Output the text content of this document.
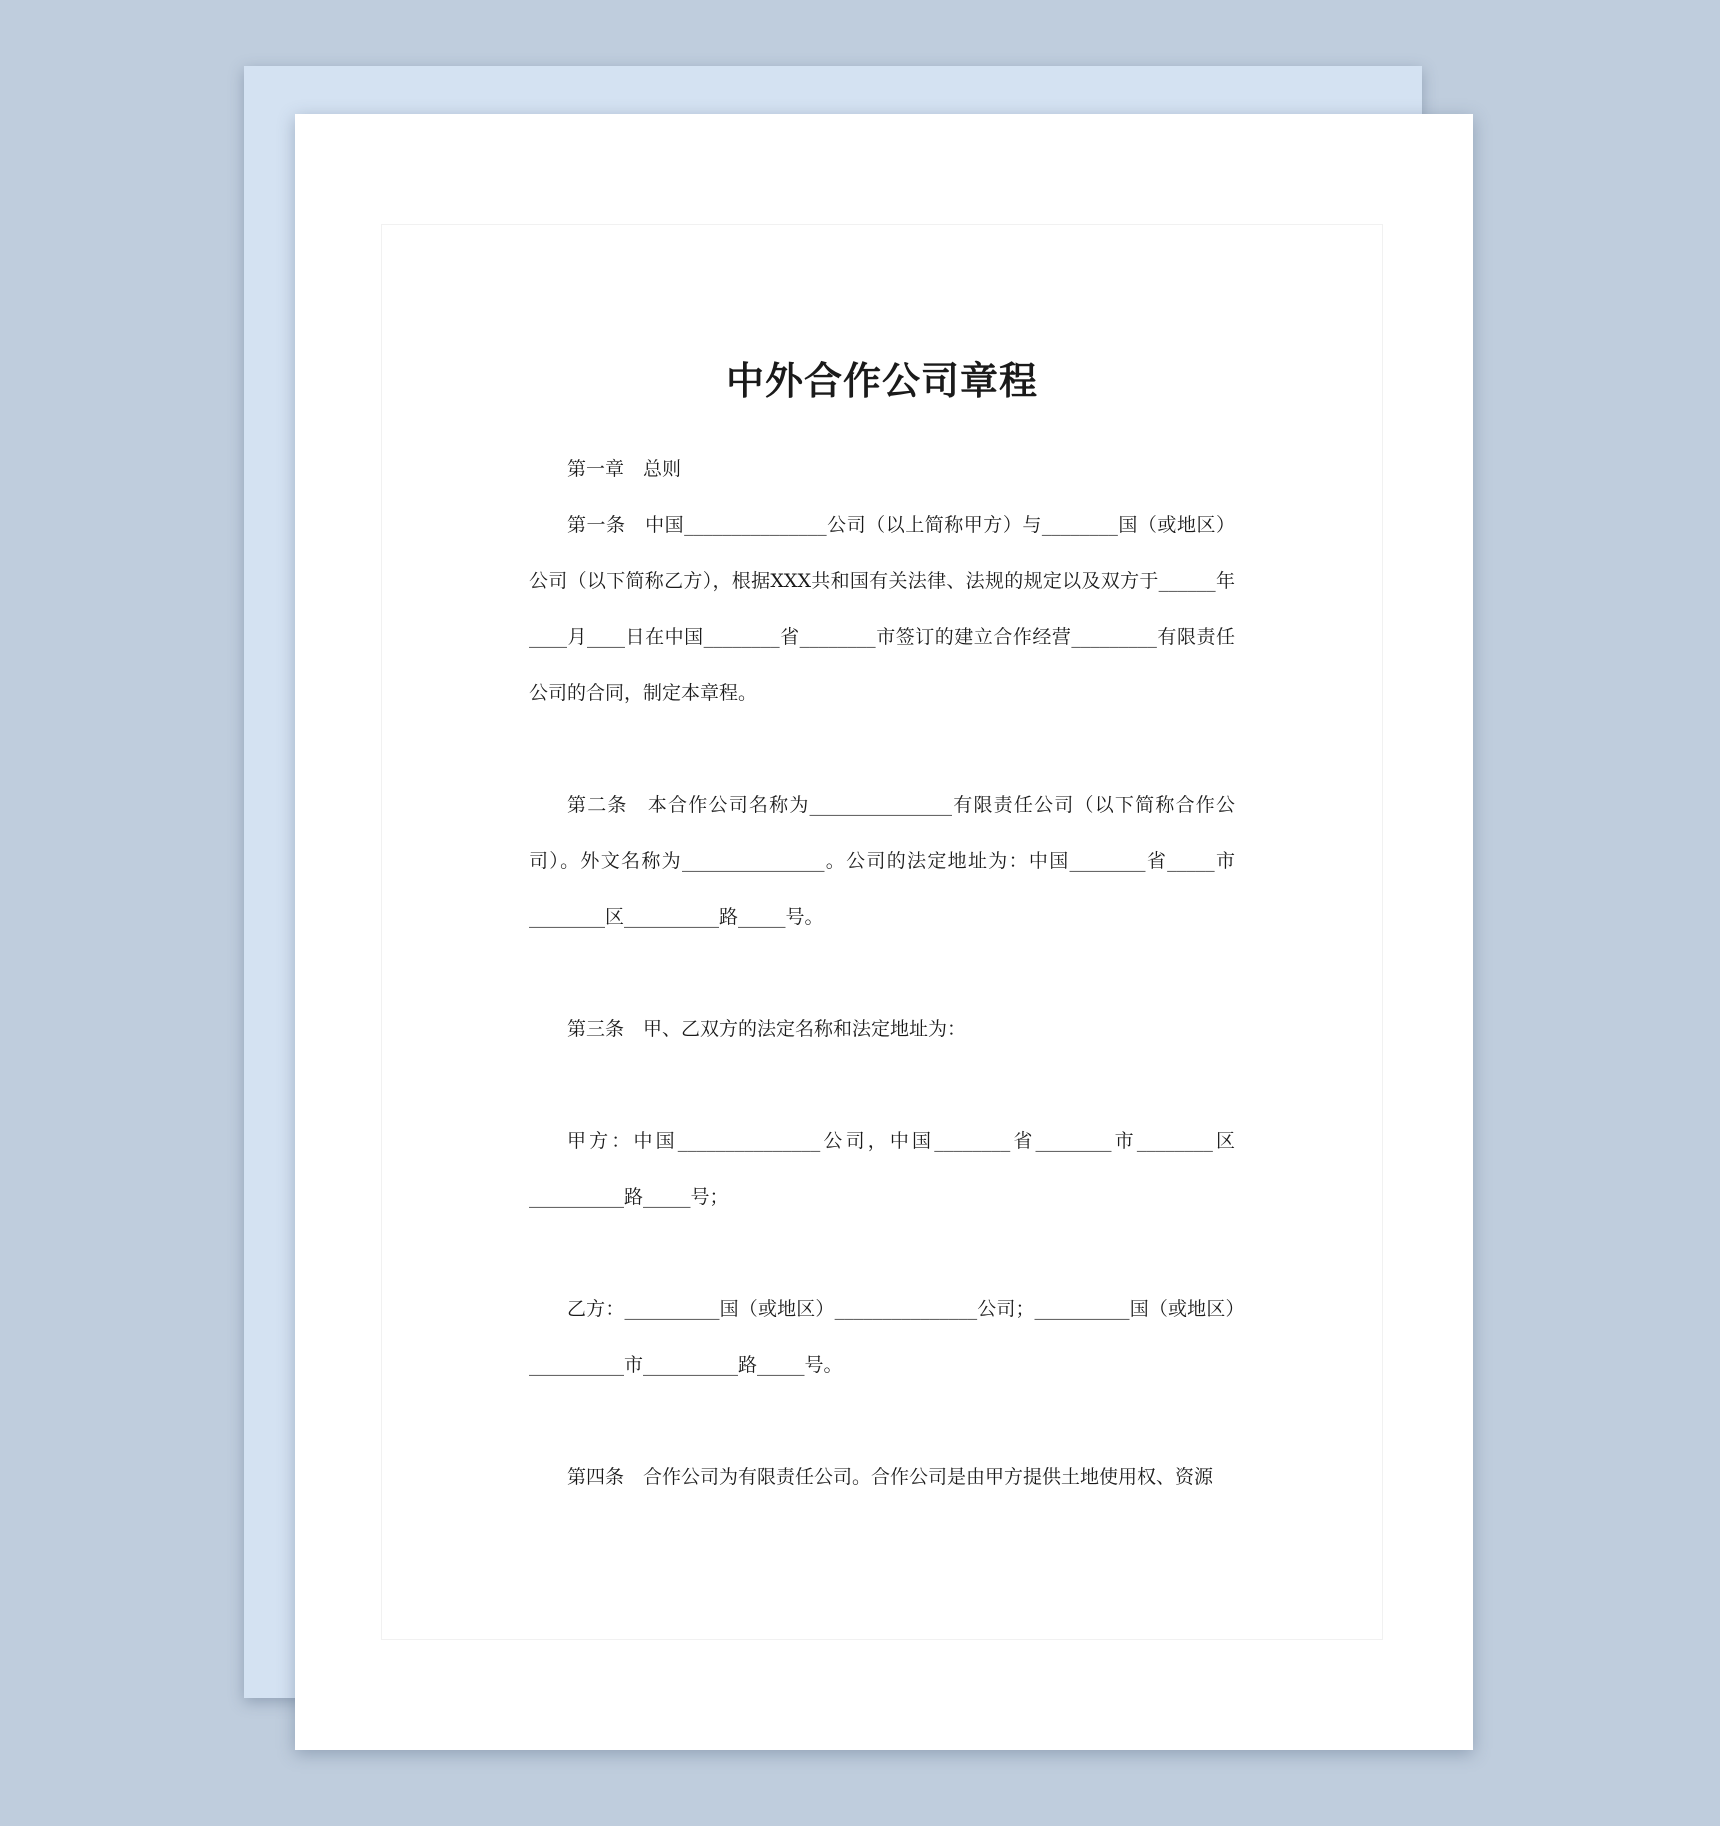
中外合作公司章程

第一章　总则

第一条　中国_______________公司（以上简称甲方）与________国（或地区）公司（以下简称乙方），根据XXX共和国有关法律、法规的规定以及双方于______年____月____日在中国________省________市签订的建立合作经营_________有限责任公司的合同，制定本章程。

第二条　本合作公司名称为_______________有限责任公司（以下简称合作公司）。外文名称为_______________。公司的法定地址为：中国________省_____市________区__________路_____号。

第三条　甲、乙双方的法定名称和法定地址为：

甲方：中国_______________公司，中国________省________市________区__________路_____号；

乙方：__________国（或地区）_______________公司；__________国（或地区）__________市__________路_____号。

第四条　合作公司为有限责任公司。合作公司是由甲方提供土地使用权、资源
